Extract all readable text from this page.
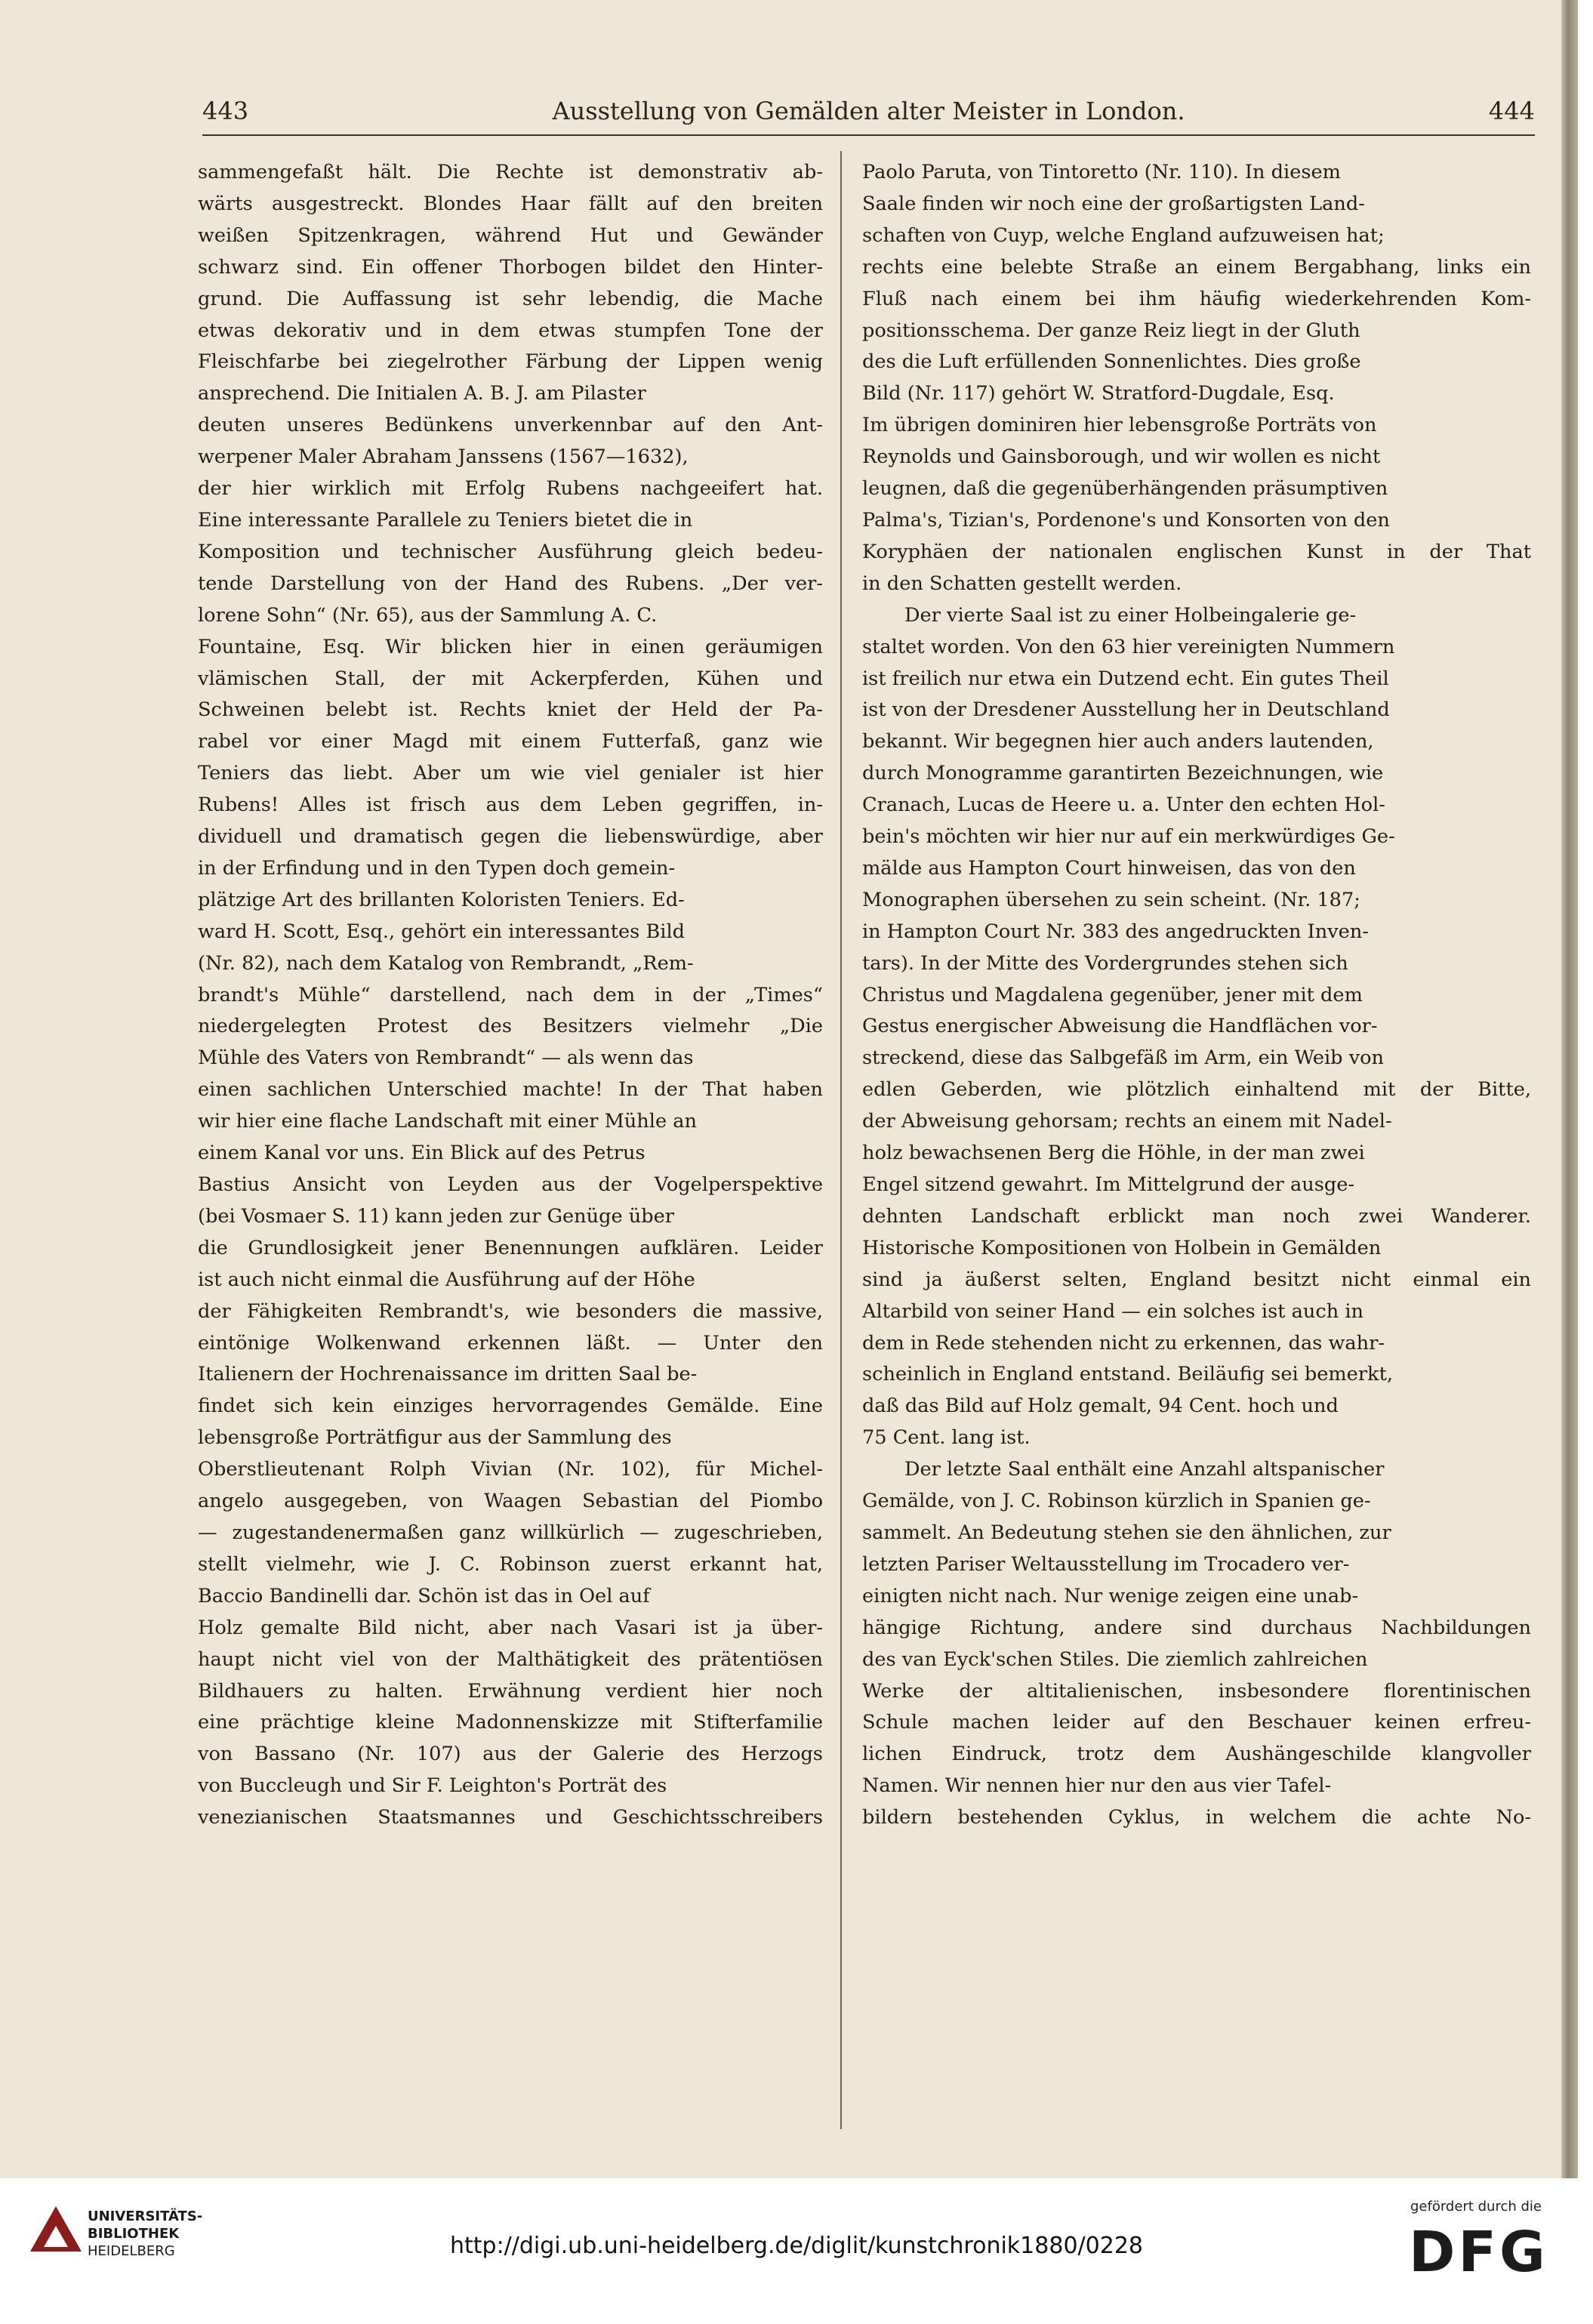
443	Ausstellung von Gemälden alter Meister in London.	444

sammengefaßt hält. Die Rechte ist demonstrativ ab-

wärts ausgestreckt. Blondes Haar fällt auf den breiten

weißen Spitzenkragen, während Hut und Gewänder

schwarz sind. Ein offener Thorbogen bildet den Hinter-

grund. Die Auffassung ist sehr lebendig, die Mache

etwas dekorativ und in dem etwas stumpfen Tone der

Fleischfarbe bei ziegelrother Färbung der Lippen wenig

ansprechend. Die Initialen A. B. J. am Pilaster

deuten unseres Bedünkens unverkennbar auf den Ant-

werpener Maler Abraham Janssens (1567—1632),

der hier wirklich mit Erfolg Rubens nachgeeifert hat.

Eine interessante Parallele zu Teniers bietet die in

Komposition und technischer Ausführung gleich bedeu-

tende Darstellung von der Hand des Rubens. „Der ver-

lorene Sohn“ (Nr. 65), aus der Sammlung A. C.

Fountaine, Esq. Wir blicken hier in einen geräumigen

vlämischen Stall, der mit Ackerpferden, Kühen und

Schweinen belebt ist. Rechts kniet der Held der Pa-

rabel vor einer Magd mit einem Futterfaß, ganz wie

Teniers das liebt. Aber um wie viel genialer ist hier

Rubens! Alles ist frisch aus dem Leben gegriffen, in-

dividuell und dramatisch gegen die liebenswürdige, aber

in der Erfindung und in den Typen doch gemein-

plätzige Art des brillanten Koloristen Teniers. Ed-

ward H. Scott, Esq., gehört ein interessantes Bild

(Nr. 82), nach dem Katalog von Rembrandt, „Rem-

brandt's Mühle“ darstellend, nach dem in der „Times“

niedergelegten Protest des Besitzers vielmehr „Die

Mühle des Vaters von Rembrandt“ — als wenn das

einen sachlichen Unterschied machte! In der That haben

wir hier eine flache Landschaft mit einer Mühle an

einem Kanal vor uns. Ein Blick auf des Petrus

Bastius Ansicht von Leyden aus der Vogelperspektive

(bei Vosmaer S. 11) kann jeden zur Genüge über

die Grundlosigkeit jener Benennungen aufklären. Leider

ist auch nicht einmal die Ausführung auf der Höhe

der Fähigkeiten Rembrandt's, wie besonders die massive,

eintönige Wolkenwand erkennen läßt. — Unter den

Italienern der Hochrenaissance im dritten Saal be-

findet sich kein einziges hervorragendes Gemälde. Eine

lebensgroße Porträtfigur aus der Sammlung des

Oberstlieutenant Rolph Vivian (Nr. 102), für Michel-

angelo ausgegeben, von Waagen Sebastian del Piombo

— zugestandenermaßen ganz willkürlich — zugeschrieben,

stellt vielmehr, wie J. C. Robinson zuerst erkannt hat,

Baccio Bandinelli dar. Schön ist das in Oel auf

Holz gemalte Bild nicht, aber nach Vasari ist ja über-

haupt nicht viel von der Malthätigkeit des prätentiösen

Bildhauers zu halten. Erwähnung verdient hier noch

eine prächtige kleine Madonnenskizze mit Stifterfamilie

von Bassano (Nr. 107) aus der Galerie des Herzogs

von Buccleugh und Sir F. Leighton's Porträt des

venezianischen Staatsmannes und Geschichtsschreibers

Paolo Paruta, von Tintoretto (Nr. 110). In diesem

Saale finden wir noch eine der großartigsten Land-

schaften von Cuyp, welche England aufzuweisen hat;

rechts eine belebte Straße an einem Bergabhang, links ein

Fluß nach einem bei ihm häufig wiederkehrenden Kom-

positionsschema. Der ganze Reiz liegt in der Gluth

des die Luft erfüllenden Sonnenlichtes. Dies große

Bild (Nr. 117) gehört W. Stratford-Dugdale, Esq.

Im übrigen dominiren hier lebensgroße Porträts von

Reynolds und Gainsborough, und wir wollen es nicht

leugnen, daß die gegenüberhängenden präsumptiven

Palma's, Tizian's, Pordenone's und Konsorten von den

Koryphäen der nationalen englischen Kunst in der That

in den Schatten gestellt werden.

Der vierte Saal ist zu einer Holbeingalerie ge-

staltet worden. Von den 63 hier vereinigten Nummern

ist freilich nur etwa ein Dutzend echt. Ein gutes Theil

ist von der Dresdener Ausstellung her in Deutschland

bekannt. Wir begegnen hier auch anders lautenden,

durch Monogramme garantirten Bezeichnungen, wie

Cranach, Lucas de Heere u. a. Unter den echten Hol-

bein's möchten wir hier nur auf ein merkwürdiges Ge-

mälde aus Hampton Court hinweisen, das von den

Monographen übersehen zu sein scheint. (Nr. 187;

in Hampton Court Nr. 383 des angedruckten Inven-

tars). In der Mitte des Vordergrundes stehen sich

Christus und Magdalena gegenüber, jener mit dem

Gestus energischer Abweisung die Handflächen vor-

streckend, diese das Salbgefäß im Arm, ein Weib von

edlen Geberden, wie plötzlich einhaltend mit der Bitte,

der Abweisung gehorsam; rechts an einem mit Nadel-

holz bewachsenen Berg die Höhle, in der man zwei

Engel sitzend gewahrt. Im Mittelgrund der ausge-

dehnten Landschaft erblickt man noch zwei Wanderer.

Historische Kompositionen von Holbein in Gemälden

sind ja äußerst selten, England besitzt nicht einmal ein

Altarbild von seiner Hand — ein solches ist auch in

dem in Rede stehenden nicht zu erkennen, das wahr-

scheinlich in England entstand. Beiläufig sei bemerkt,

daß das Bild auf Holz gemalt, 94 Cent. hoch und

75 Cent. lang ist.

Der letzte Saal enthält eine Anzahl altspanischer

Gemälde, von J. C. Robinson kürzlich in Spanien ge-

sammelt. An Bedeutung stehen sie den ähnlichen, zur

letzten Pariser Weltausstellung im Trocadero ver-

einigten nicht nach. Nur wenige zeigen eine unab-

hängige Richtung, andere sind durchaus Nachbildungen

des van Eyck'schen Stiles. Die ziemlich zahlreichen

Werke der altitalienischen, insbesondere florentinischen

Schule machen leider auf den Beschauer keinen erfreu-

lichen Eindruck, trotz dem Aushängeschilde klangvoller

Namen. Wir nennen hier nur den aus vier Tafel-

bildern bestehenden Cyklus, in welchem die achte No-

UNIVERSITÄTS-
BIBLIOTHEK
HEIDELBERG	http://digi.ub.uni-heidelberg.de/diglit/kunstchronik1880/0228
gefördert durch die
DFG
